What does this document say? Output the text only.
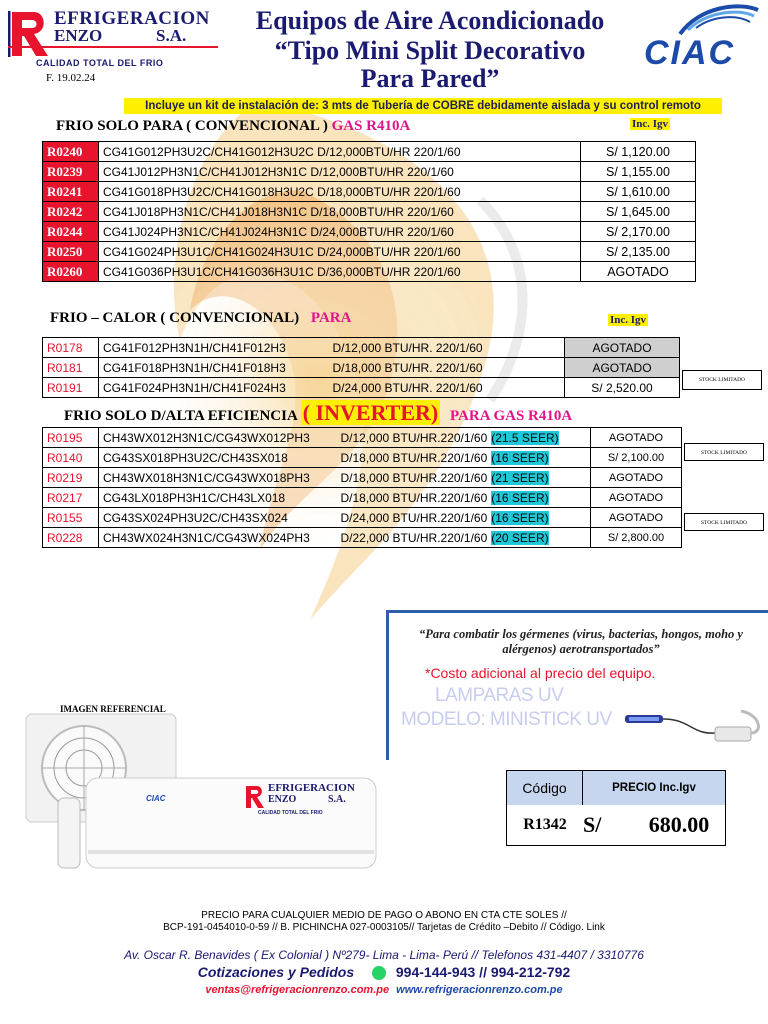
EFRIGERACION
ENZO	S.A.
CALIDAD TOTAL DEL FRIO
F. 19.02.24
Equipos de Aire Acondicionado
“Tipo Mini Split Decorativo
Para Pared”
CIAC
Incluye un kit de instalación de: 3 mts de Tubería de COBRE debidamente aislada y su control remoto
FRIO SOLO PARA ( CONVENCIONAL ) GAS R410A	Inc. Igv
R0240	CG41G012PH3U2C/CH41G012H3U2C D/12,000BTU/HR 220/1/60	S/ 1,120.00
R0239	CG41J012PH3N1C/CH41J012H3N1C D/12,000BTU/HR 220/1/60	S/ 1,155.00
R0241	CG41G018PH3U2C/CH41G018H3U2C D/18,000BTU/HR 220/1/60	S/ 1,610.00
R0242	CG41J018PH3N1C/CH41J018H3N1C D/18,000BTU/HR 220/1/60	S/ 1,645.00
R0244	CG41J024PH3N1C/CH41J024H3N1C D/24,000BTU/HR 220/1/60	S/ 2,170.00
R0250	CG41G024PH3U1C/CH41G024H3U1C D/24,000BTU/HR 220/1/60	S/ 2,135.00
R0260	CG41G036PH3U1C/CH41G036H3U1C D/36,000BTU/HR 220/1/60	AGOTADO
FRIO – CALOR ( CONVENCIONAL) PARA	Inc. Igv
R0178	CG41F012PH3N1H/CH41F012H3	D/12,000 BTU/HR. 220/1/60	AGOTADO
R0181	CG41F018PH3N1H/CH41F018H3	D/18,000 BTU/HR. 220/1/60	AGOTADO
R0191	CG41F024PH3N1H/CH41F024H3	D/24,000 BTU/HR. 220/1/60	S/ 2,520.00
FRIO SOLO D/ALTA EFICIENCIA ( INVERTER) PARA GAS R410A
R0195	CH43WX012H3N1C/CG43WX012PH3	D/12,000 BTU/HR.220/1/60 (21.5 SEER)	AGOTADO
R0140	CG43SX018PH3U2C/CH43SX018	D/18,000 BTU/HR.220/1/60 (16 SEER)	S/ 2,100.00
R0219	CH43WX018H3N1C/CG43WX018PH3	D/18,000 BTU/HR.220/1/60 (21 SEER)	AGOTADO
R0217	CG43LX018PH3H1C/CH43LX018	D/18,000 BTU/HR.220/1/60 (16 SEER)	AGOTADO
R0155	CG43SX024PH3U2C/CH43SX024	D/24,000 BTU/HR.220/1/60 (16 SEER)	AGOTADO
R0228	CH43WX024H3N1C/CG43WX024PH3	D/22,000 BTU/HR.220/1/60 (20 SEER)	S/ 2,800.00
STOCK LIMITADO
STOCK LIMITADO
STOCK LIMITADO
“Para combatir los gérmenes (virus, bacterias, hongos, moho y alérgenos) aerotransportados”
*Costo adicional al precio del equipo.
LAMPARAS UV
MODELO: MINISTICK UV
Código	PRECIO Inc.Igv
R1342 S/	680.00
IMAGEN REFERENCIAL
CIAC
EFRIGERACION
ENZO	S.A.
CALIDAD TOTAL DEL FRIO
PRECIO PARA CUALQUIER MEDIO DE PAGO O ABONO EN CTA CTE SOLES //
BCP-191-0454010-0-59 // B. PICHINCHA 027-0003105// Tarjetas de Crédito –Debito // Código. Link
Av. Oscar R. Benavides ( Ex Colonial ) Nº279- Lima - Lima- Perú // Telefonos 431-4407 / 3310776
Cotizaciones y Pedidos	994-144-943 // 994-212-792
ventas@refrigeracionrenzo.com.pe www.refrigeracionrenzo.com.pe
